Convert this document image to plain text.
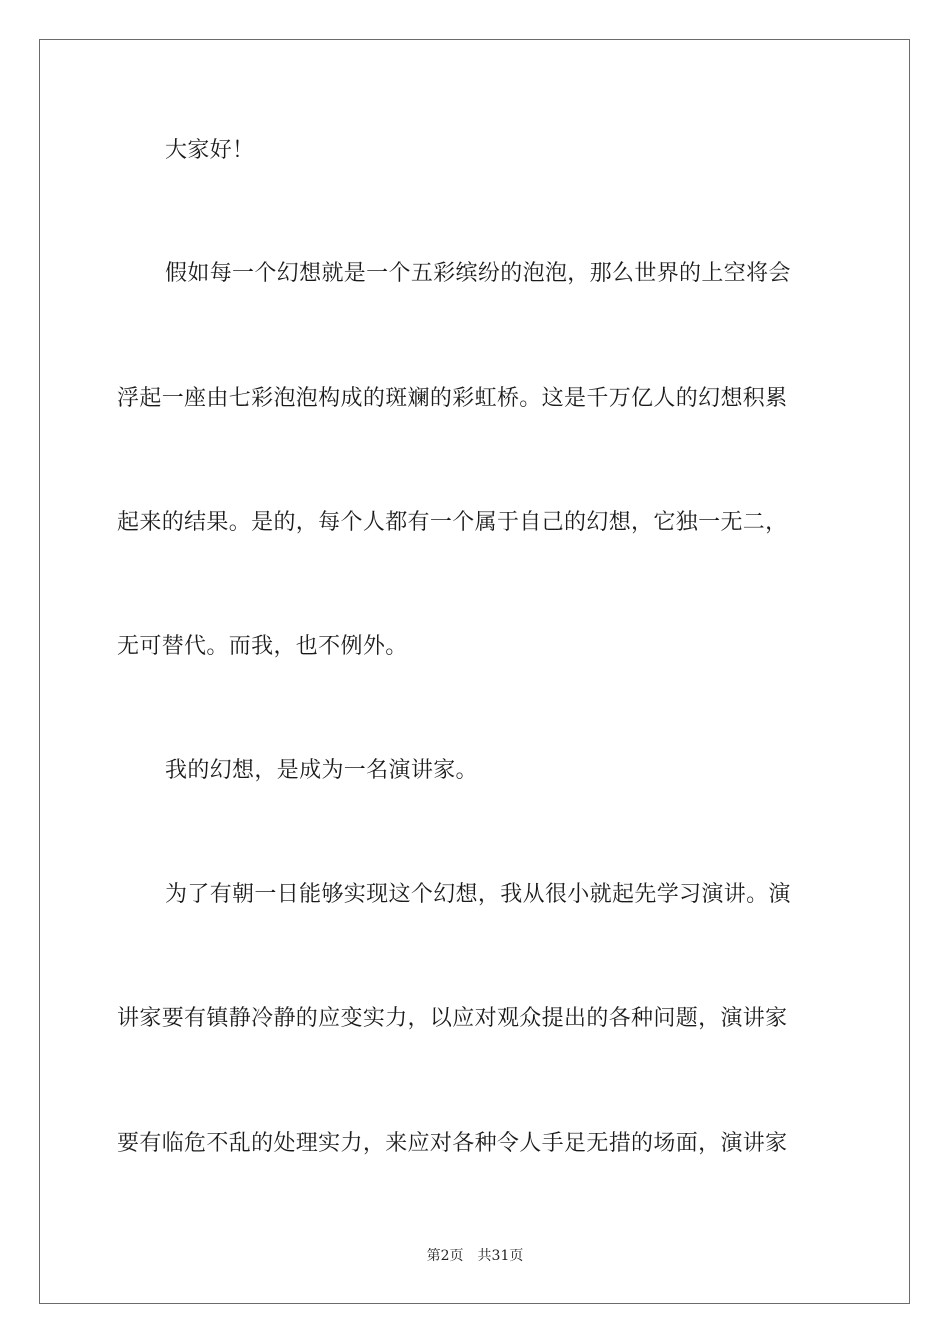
大家好！
假如每一个幻想就是一个五彩缤纷的泡泡，那么世界的上空将会
浮起一座由七彩泡泡构成的斑斓的彩虹桥。这是千万亿人的幻想积累
起来的结果。是的，每个人都有一个属于自己的幻想，它独一无二，
无可替代。而我，也不例外。
我的幻想，是成为一名演讲家。
为了有朝一日能够实现这个幻想，我从很小就起先学习演讲。演
讲家要有镇静冷静的应变实力，以应对观众提出的各种问题，演讲家
要有临危不乱的处理实力，来应对各种令人手足无措的场面，演讲家
第2页 共31页
